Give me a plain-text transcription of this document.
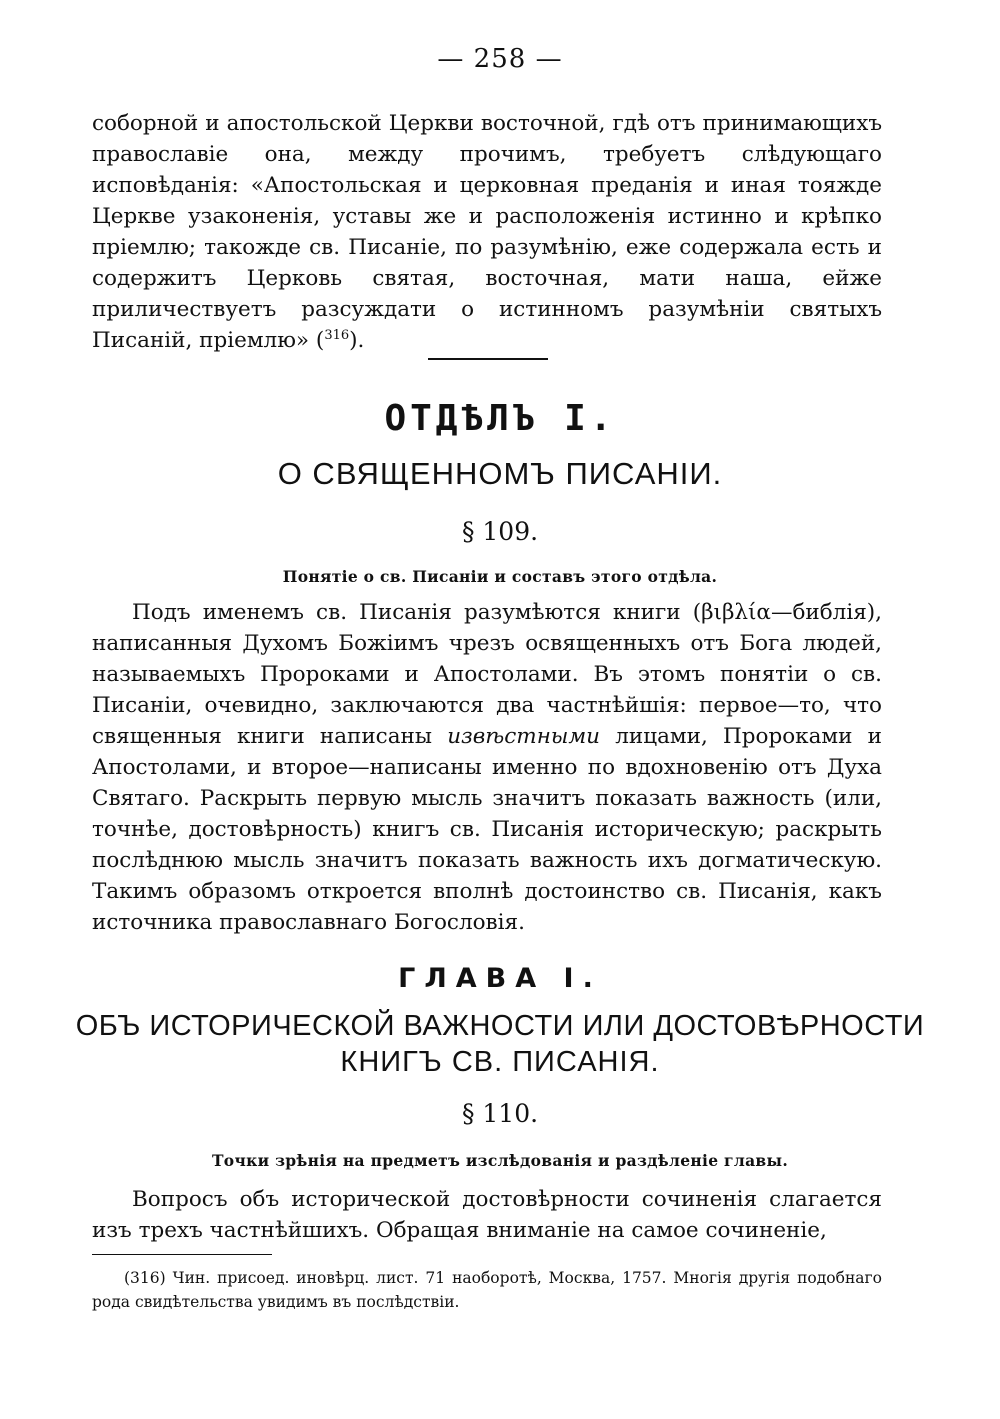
— 258 —

соборной и апостольской Церкви восточной, гдѣ отъ принимающихъ православіе она, между прочимъ, требуетъ слѣдующаго исповѣданія: «Апостольская и церковная преданія и иная тояжде Церкве узаконенія, уставы же и расположенія истинно и крѣпко пріемлю; такожде св. Писаніе, по разумѣнію, еже содержала есть и содержитъ Церковь святая, восточная, мати наша, ейже приличествуетъ разсуждати о истинномъ разумѣніи святыхъ Писаній, пріемлю» ($^{316}$).

ОТДѢЛЪ I.
О СВЯЩЕННОМЪ ПИСАНІИ.
§ 109.
Понятіе о св. Писаніи и составъ этого отдѣла.

Подъ именемъ св. Писанія разумѣются книги (βιβλία—библія), написанныя Духомъ Божіимъ чрезъ освященныхъ отъ Бога людей, называемыхъ Пророками и Апостолами. Въ этомъ понятіи о св. Писаніи, очевидно, заключаются два частнѣйшія: первое—то, что священныя книги написаны извѣстными лицами, Пророками и Апостолами, и второе—написаны именно по вдохновенію отъ Духа Святаго. Раскрыть первую мысль значитъ показать важность (или, точнѣе, достовѣрность) книгъ св. Писанія историческую; раскрыть послѣднюю мысль значитъ показать важность ихъ догматическую. Такимъ образомъ откроется вполнѣ достоинство св. Писанія, какъ источника православнаго Богословія.

ГЛАВА I.
ОБЪ ИСТОРИЧЕСКОЙ ВАЖНОСТИ ИЛИ ДОСТОВѢРНОСТИ
КНИГЪ СВ. ПИСАНІЯ.
§ 110.
Точки зрѣнія на предметъ изслѣдованія и раздѣленіе главы.

Вопросъ объ исторической достовѣрности сочиненія слагается изъ трехъ частнѣйшихъ. Обращая вниманіе на самое сочиненіе,

(316) Чин. присоед. иновѣрц. лист. 71 наоборотѣ, Москва, 1757. Многія другія подобнаго рода свидѣтельства увидимъ въ послѣдствіи.
